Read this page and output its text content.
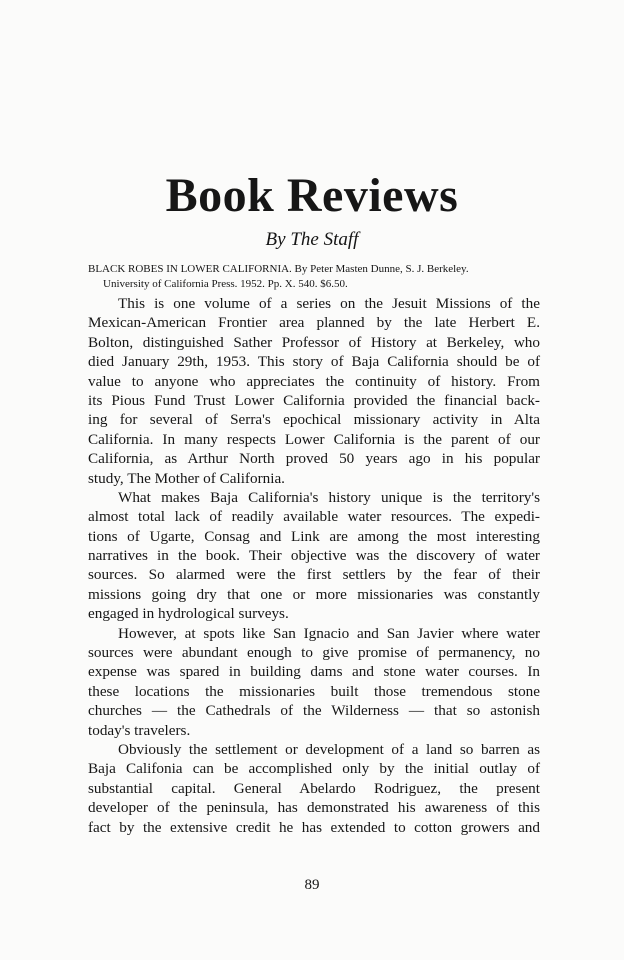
Book Reviews
By The Staff
BLACK ROBES IN LOWER CALIFORNIA. By Peter Masten Dunne, S. J. Berkeley.
University of California Press. 1952. Pp. X. 540. $6.50.
This is one volume of a series on the Jesuit Missions of the
Mexican-American Frontier area planned by the late Herbert E.
Bolton, distinguished Sather Professor of History at Berkeley, who
died January 29th, 1953. This story of Baja California should be of
value to anyone who appreciates the continuity of history. From
its Pious Fund Trust Lower California provided the financial back-
ing for several of Serra's epochical missionary activity in Alta
California. In many respects Lower California is the parent of our
California, as Arthur North proved 50 years ago in his popular
study, The Mother of California.
What makes Baja California's history unique is the territory's
almost total lack of readily available water resources. The expedi-
tions of Ugarte, Consag and Link are among the most interesting
narratives in the book. Their objective was the discovery of water
sources. So alarmed were the first settlers by the fear of their
missions going dry that one or more missionaries was constantly
engaged in hydrological surveys.
However, at spots like San Ignacio and San Javier where water
sources were abundant enough to give promise of permanency, no
expense was spared in building dams and stone water courses. In
these locations the missionaries built those tremendous stone
churches — the Cathedrals of the Wilderness — that so astonish
today's travelers.
Obviously the settlement or development of a land so barren as
Baja Califonia can be accomplished only by the initial outlay of
substantial capital. General Abelardo Rodriguez, the present
developer of the peninsula, has demonstrated his awareness of this
fact by the extensive credit he has extended to cotton growers and
89
